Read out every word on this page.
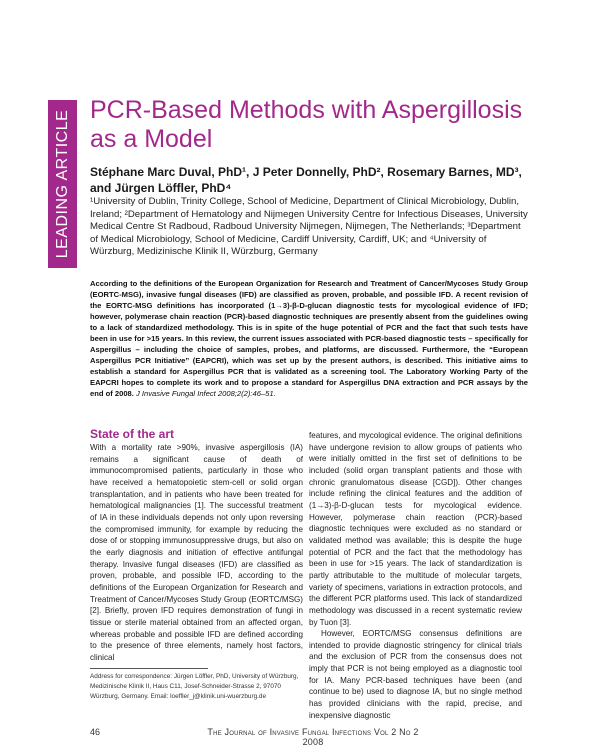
LEADING ARTICLE PCR-Based Methods with Aspergillosis as a Model
Stéphane Marc Duval, PhD¹, J Peter Donnelly, PhD², Rosemary Barnes, MD³, and Jürgen Löffler, PhD⁴
¹University of Dublin, Trinity College, School of Medicine, Department of Clinical Microbiology, Dublin, Ireland; ²Department of Hematology and Nijmegen University Centre for Infectious Diseases, University Medical Centre St Radboud, Radboud University Nijmegen, Nijmegen, The Netherlands; ³Department of Medical Microbiology, School of Medicine, Cardiff University, Cardiff, UK; and ⁴University of Würzburg, Medizinische Klinik II, Würzburg, Germany
According to the definitions of the European Organization for Research and Treatment of Cancer/Mycoses Study Group (EORTC-MSG), invasive fungal diseases (IFD) are classified as proven, probable, and possible IFD. A recent revision of the EORTC-MSG definitions has incorporated (1→3)-β-D-glucan diagnostic tests for mycological evidence of IFD; however, polymerase chain reaction (PCR)-based diagnostic techniques are presently absent from the guidelines owing to a lack of standardized methodology. This is in spite of the huge potential of PCR and the fact that such tests have been in use for >15 years. In this review, the current issues associated with PCR-based diagnostic tests – specifically for Aspergillus – including the choice of samples, probes, and platforms, are discussed. Furthermore, the “European Aspergillus PCR Initiative” (EAPCRI), which was set up by the present authors, is described. This initiative aims to establish a standard for Aspergillus PCR that is validated as a screening tool. The Laboratory Working Party of the EAPCRI hopes to complete its work and to propose a standard for Aspergillus DNA extraction and PCR assays by the end of 2008. J Invasive Fungal Infect 2008;2(2):46–51.
State of the art

With a mortality rate >90%, invasive aspergillosis (IA) remains a significant cause of death of immunocompromised patients, particularly in those who have received a hematopoietic stem-cell or solid organ transplantation, and in patients who have been treated for hematological malignancies [1]. The successful treatment of IA in these individuals depends not only upon reversing the compromised immunity, for example by reducing the dose of or stopping immunosuppressive drugs, but also on the early diagnosis and initiation of effective antifungal therapy. Invasive fungal diseases (IFD) are classified as proven, probable, and possible IFD, according to the definitions of the European Organization for Research and Treatment of Cancer/Mycoses Study Group (EORTC/MSG) [2]. Briefly, proven IFD requires demonstration of fungi in tissue or sterile material obtained from an affected organ, whereas probable and possible IFD are defined according to the presence of three elements, namely host factors, clinical

features, and mycological evidence. The original definitions have undergone revision to allow groups of patients who were initially omitted in the first set of definitions to be included (solid organ transplant patients and those with chronic granulomatous disease [CGD]). Other changes include refining the clinical features and the addition of (1→3)-β-D-glucan tests for mycological evidence. However, polymerase chain reaction (PCR)-based diagnostic techniques were excluded as no standard or validated method was available; this is despite the huge potential of PCR and the fact that the methodology has been in use for >15 years. The lack of standardization is partly attributable to the multitude of molecular targets, variety of specimens, variations in extraction protocols, and the different PCR platforms used. This lack of standardized methodology was discussed in a recent systematic review by Tuon [3].

However, EORTC/MSG consensus definitions are intended to provide diagnostic stringency for clinical trials and the exclusion of PCR from the consensus does not imply that PCR is not being employed as a diagnostic tool for IA. Many PCR-based techniques have been (and continue to be) used to diagnose IA, but no single method has provided clinicians with the rapid, precise, and inexpensive diagnostic

Address for correspondence: Jürgen Löffler, PhD, University of Würzburg, Medizinische Klinik II, Haus C11, Josef-Schneider-Strasse 2, 97070 Würzburg, Germany. Email: loeffler_j@klinik.uni-wuerzburg.de
46	The Journal of Invasive Fungal Infections Vol 2 No 2 2008
